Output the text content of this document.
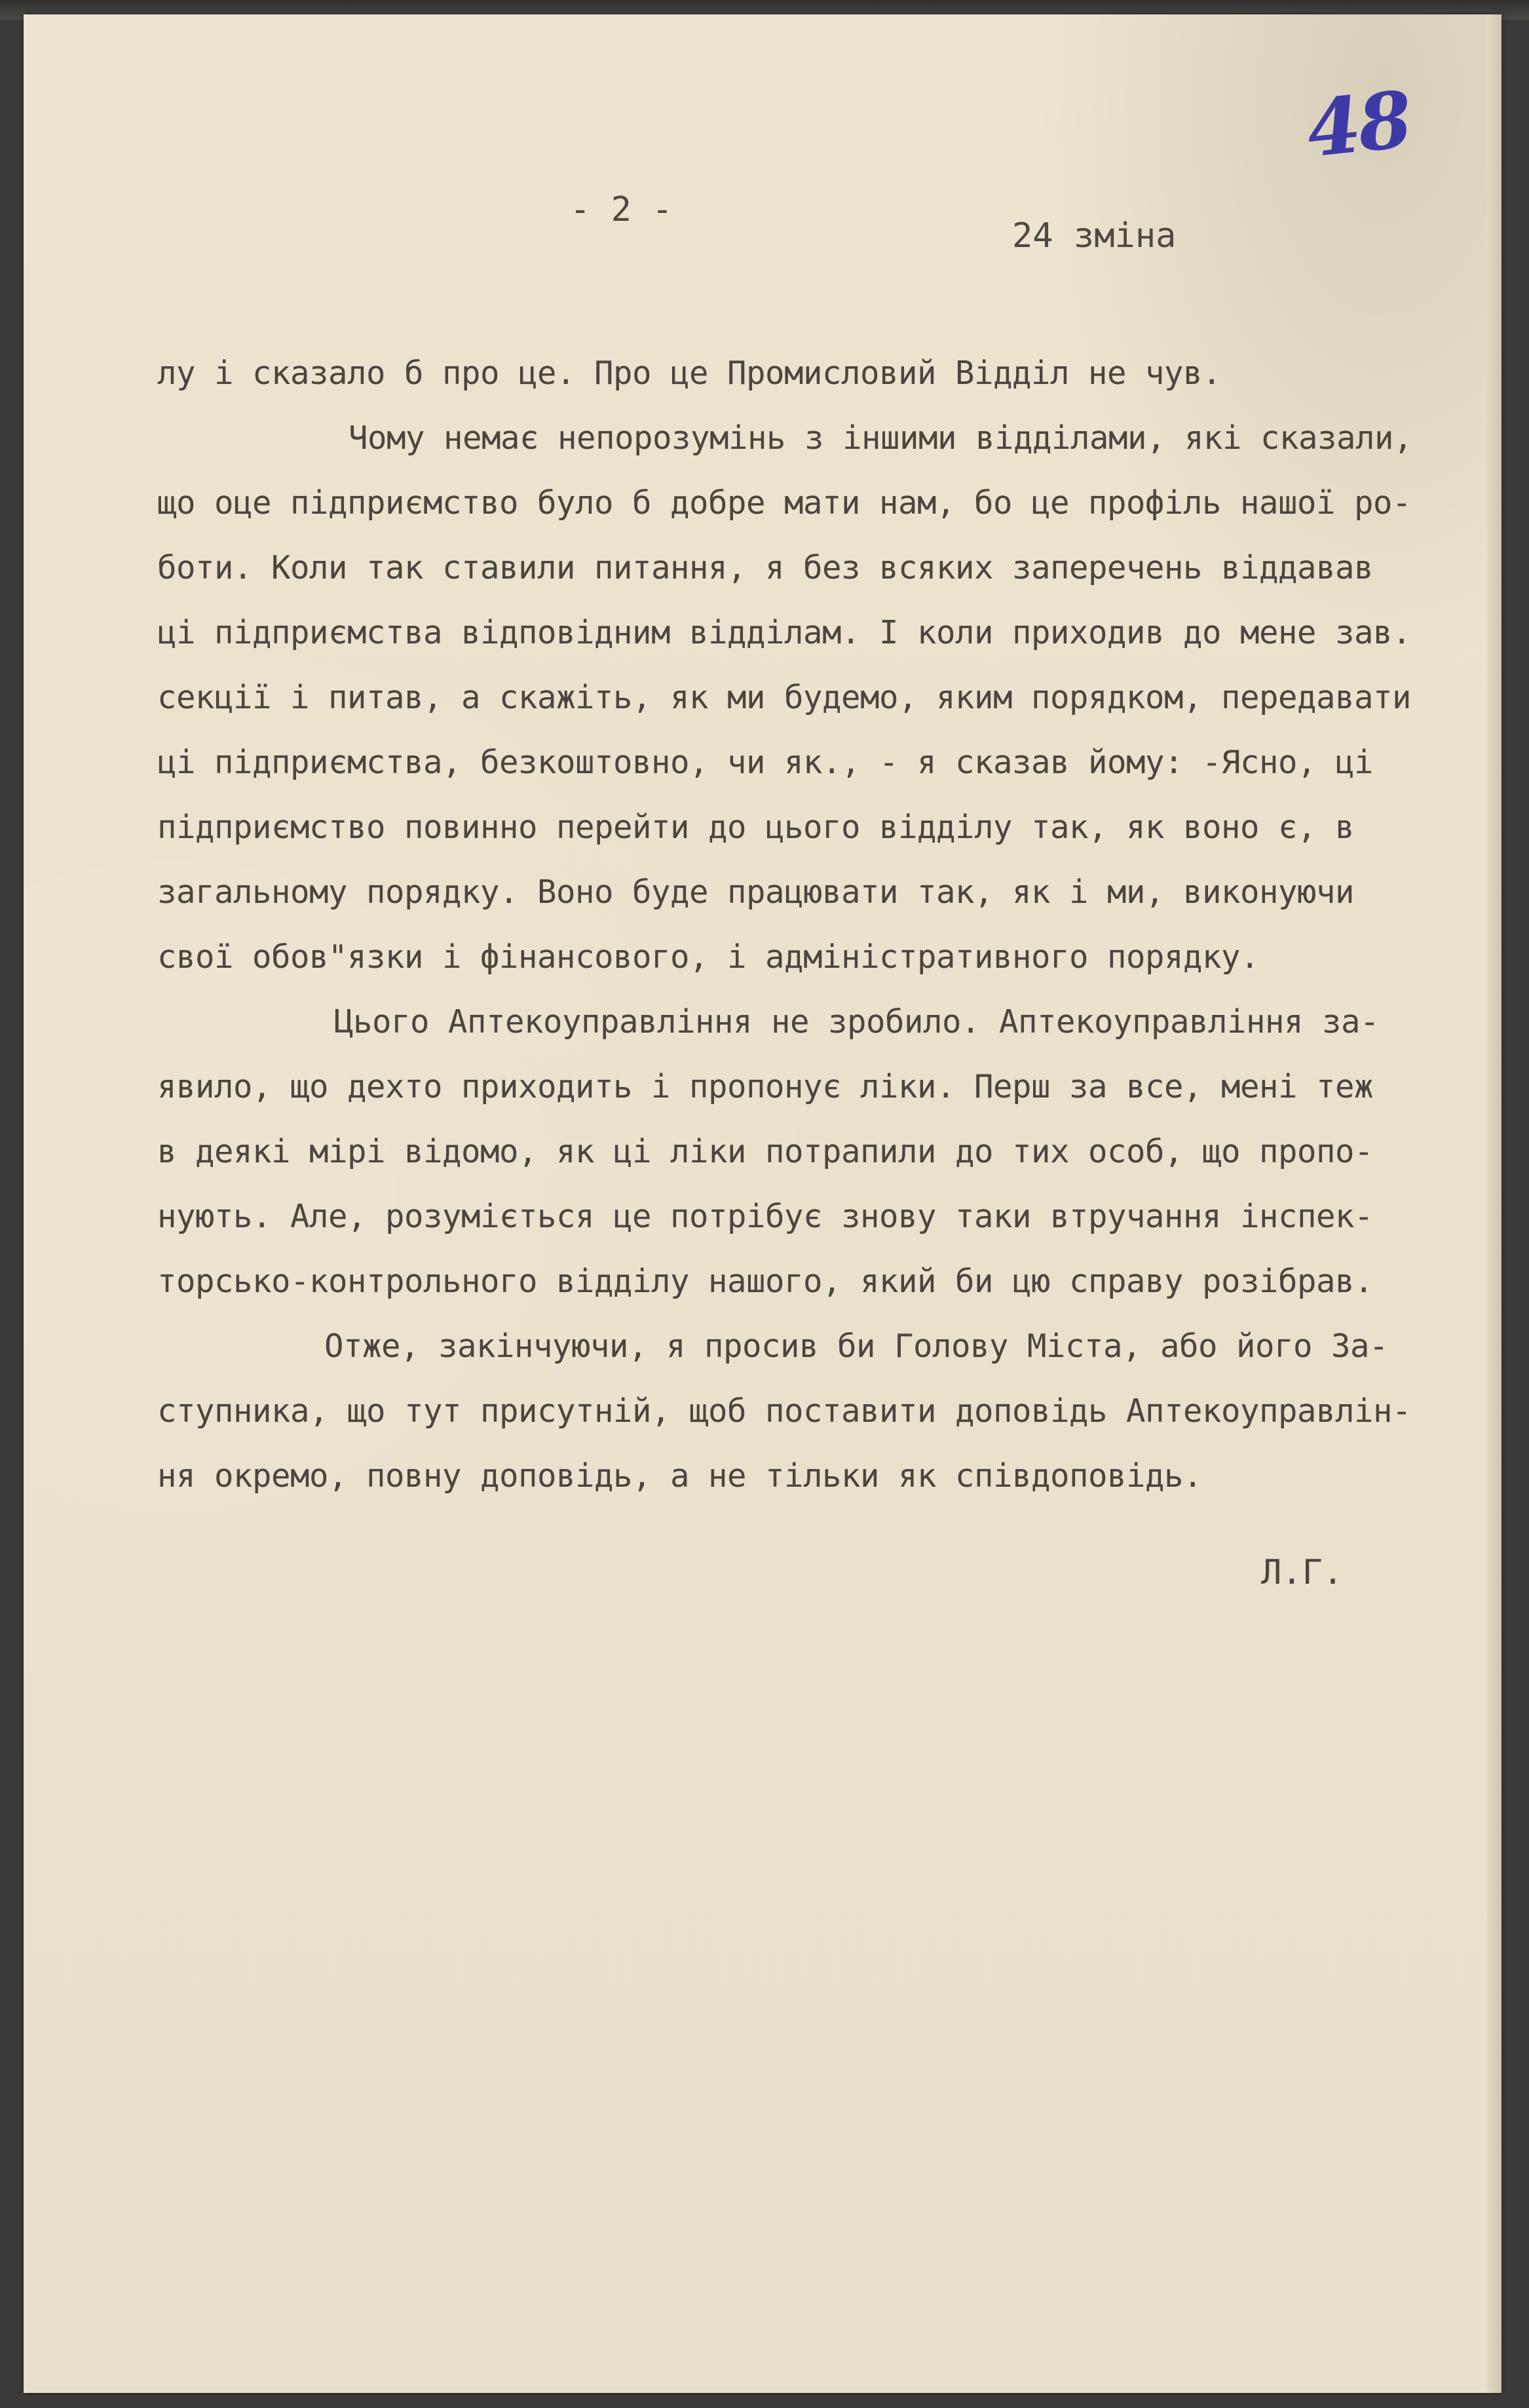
48
- 2 -
24 зміна
лу і сказало б про це. Про це Промисловий Відділ не чув.
Чому немає непорозумінь з іншими відділами, які сказали,
що оце підприємство було б добре мати нам, бо це профіль нашої ро-
боти. Коли так ставили питання, я без всяких заперечень віддавав
ці підприємства відповідним відділам. І коли приходив до мене зав.
секції і питав, а скажіть, як ми будемо, яким порядком, передавати
ці підприємства, безкоштовно, чи як., - я сказав йому: -Ясно, ці
підприємство повинно перейти до цього відділу так, як воно є, в
загальному порядку. Воно буде працювати так, як і ми, виконуючи
свої обов"язки і фінансового, і адміністративного порядку.
Цього Аптекоуправління не зробило. Аптекоуправління за-
явило, що дехто приходить і пропонує ліки. Перш за все, мені теж
в деякі мірі відомо, як ці ліки потрапили до тих особ, що пропо-
нують. Але, розуміється це потрібує знову таки втручання інспек-
торсько-контрольного відділу нашого, який би цю справу розібрав.
Отже, закінчуючи, я просив би Голову Міста, або його За-
ступника, що тут присутній, щоб поставити доповідь Аптекоуправлін-
ня окремо, повну доповідь, а не тільки як співдоповідь.
Л.Г.
